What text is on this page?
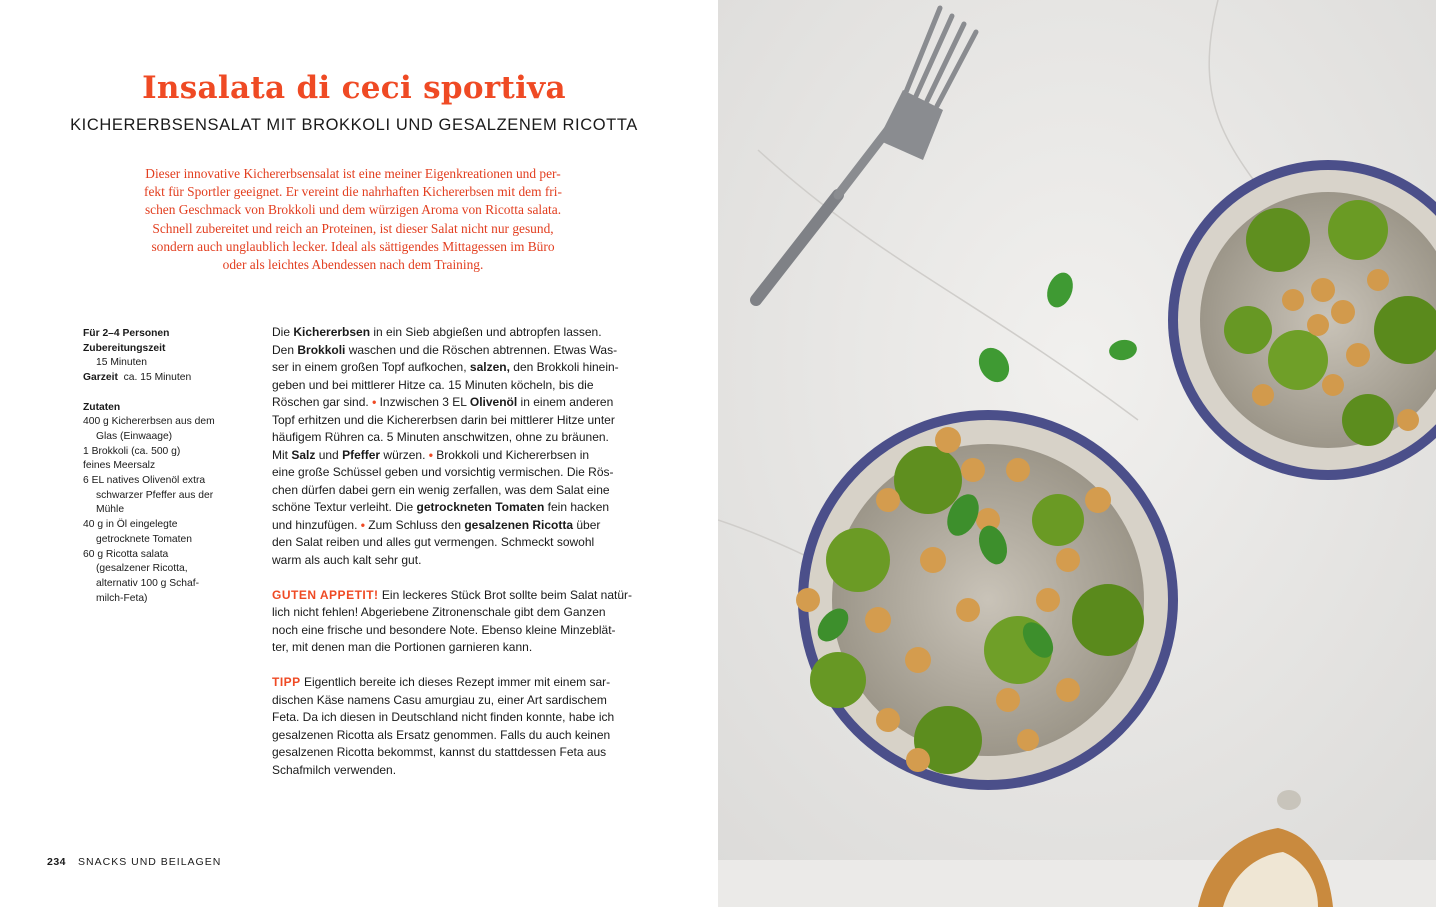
Insalata di ceci sportiva
KICHERERBSENSALAT MIT BROKKOLI UND GESALZENEM RICOTTA
Dieser innovative Kichererbsensalat ist eine meiner Eigenkreationen und per-
fekt für Sportler geeignet. Er vereint die nahrhaften Kichererbsen mit dem fri-
schen Geschmack von Brokkoli und dem würzigen Aroma von Ricotta salata.
Schnell zubereitet und reich an Proteinen, ist dieser Salat nicht nur gesund,
sondern auch unglaublich lecker. Ideal als sättigendes Mittagessen im Büro
oder als leichtes Abendessen nach dem Training.
Für 2–4 Personen
Zubereitungszeit
15 Minuten
Garzeit ca. 15 Minuten
Zutaten
400 g Kichererbsen aus dem
Glas (Einwaage)
1 Brokkoli (ca. 500 g)
feines Meersalz
6 EL natives Olivenöl extra
schwarzer Pfeffer aus der
Mühle
40 g in Öl eingelegte
getrocknete Tomaten
60 g Ricotta salata
(gesalzener Ricotta,
alternativ 100 g Schaf-
milch-Feta)
Die Kichererbsen in ein Sieb abgießen und abtropfen lassen.
Den Brokkoli waschen und die Röschen abtrennen. Etwas Was-
ser in einem großen Topf aufkochen, salzen, den Brokkoli hinein-
geben und bei mittlerer Hitze ca. 15 Minuten köcheln, bis die
Röschen gar sind. • Inzwischen 3 EL Olivenöl in einem anderen
Topf erhitzen und die Kichererbsen darin bei mittlerer Hitze unter
häufigem Rühren ca. 5 Minuten anschwitzen, ohne zu bräunen.
Mit Salz und Pfeffer würzen. • Brokkoli und Kichererbsen in
eine große Schüssel geben und vorsichtig vermischen. Die Rös-
chen dürfen dabei gern ein wenig zerfallen, was dem Salat eine
schöne Textur verleiht. Die getrockneten Tomaten fein hacken
und hinzufügen. • Zum Schluss den gesalzenen Ricotta über
den Salat reiben und alles gut vermengen. Schmeckt sowohl
warm als auch kalt sehr gut.
GUTEN APPETIT! Ein leckeres Stück Brot sollte beim Salat natür-
lich nicht fehlen! Abgeriebene Zitronenschale gibt dem Ganzen
noch eine frische und besondere Note. Ebenso kleine Minzeblät-
ter, mit denen man die Portionen garnieren kann.
TIPP Eigentlich bereite ich dieses Rezept immer mit einem sar-
dischen Käse namens Casu amurgiau zu, einer Art sardischem
Feta. Da ich diesen in Deutschland nicht finden konnte, habe ich
gesalzenen Ricotta als Ersatz genommen. Falls du auch keinen
gesalzenen Ricotta bekommst, kannst du stattdessen Feta aus
Schafmilch verwenden.
234 SNACKS UND BEILAGEN
